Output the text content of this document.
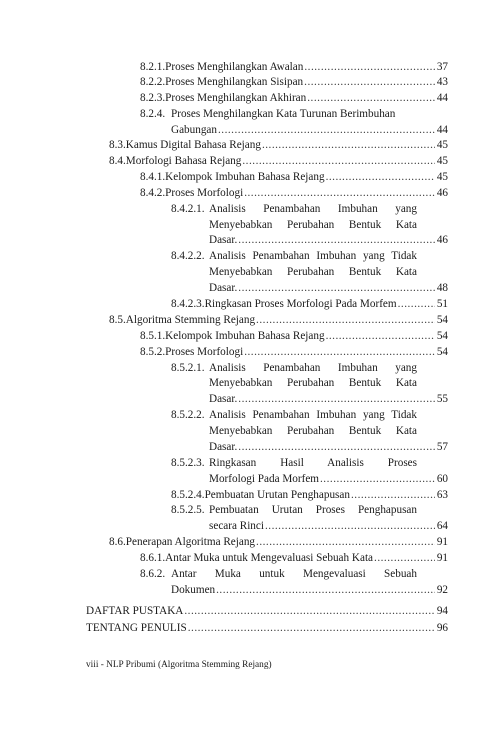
8.2.1. Proses Menghilangkan Awalan .....	37
8.2.2. Proses Menghilangkan Sisipan .....	43
8.2.3. Proses Menghilangkan Akhiran .....	44
8.2.4. Proses Menghilangkan Kata Turunan Berimbuhan
Gabungan .....	44
8.3. Kamus Digital Bahasa Rejang .....	45
8.4. Morfologi Bahasa Rejang .....	45
8.4.1. Kelompok Imbuhan Bahasa Rejang .....	45
8.4.2. Proses Morfologi .....	46
8.4.2.1. Analisis Penambahan Imbuhan yang
Menyebabkan Perubahan Bentuk Kata
Dasar. .....	46
8.4.2.2. Analisis Penambahan Imbuhan yang Tidak
Menyebabkan Perubahan Bentuk Kata
Dasar. .....	48
8.4.2.3. Ringkasan Proses Morfologi Pada Morfem .....	51
8.5. Algoritma Stemming Rejang .....	54
8.5.1. Kelompok Imbuhan Bahasa Rejang .....	54
8.5.2. Proses Morfologi .....	54
8.5.2.1. Analisis Penambahan Imbuhan yang
Menyebabkan Perubahan Bentuk Kata
Dasar. .....	55
8.5.2.2. Analisis Penambahan Imbuhan yang Tidak
Menyebabkan Perubahan Bentuk Kata
Dasar. .....	57
8.5.2.3. Ringkasan Hasil Analisis Proses
Morfologi Pada Morfem .....	60
8.5.2.4. Pembuatan Urutan Penghapusan .....	63
8.5.2.5. Pembuatan Urutan Proses Penghapusan
secara Rinci .....	64
8.6. Penerapan Algoritma Rejang .....	91
8.6.1. Antar Muka untuk Mengevaluasi Sebuah Kata .....	91
8.6.2. Antar Muka untuk Mengevaluasi Sebuah
Dokumen .....	92
DAFTAR PUSTAKA .....	94
TENTANG PENULIS .....	96
viii - NLP Pribumi (Algoritma Stemming Rejang)
